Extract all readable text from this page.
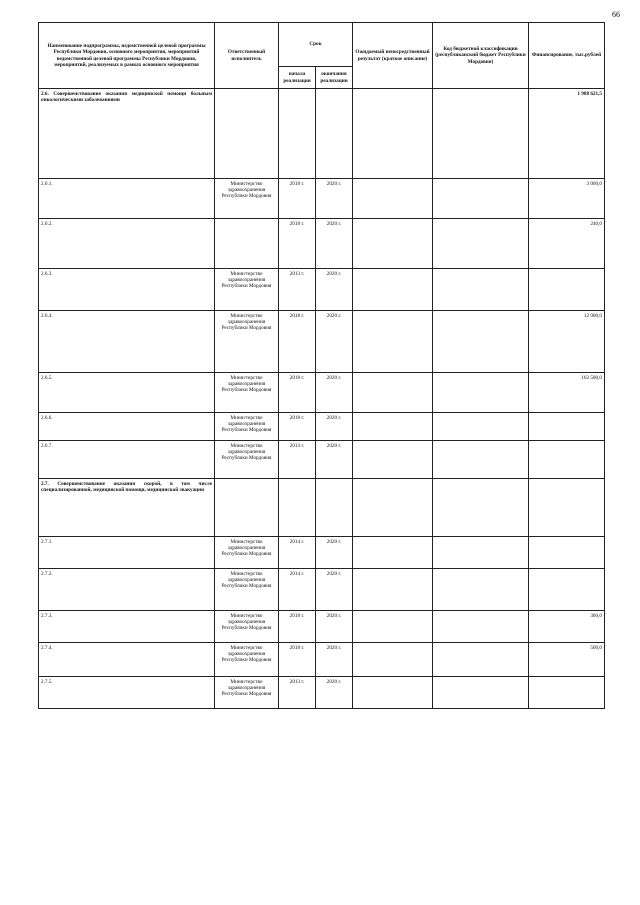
66
Наименование подпрограммы, ведомственной целевой программы Республики Мордовия, основного мероприятия, мероприятий ведомственной целевой программы Республики Мордовия, мероприятий, реализуемых в рамках основного мероприятия	Ответственный исполнитель	Срок		Ожидаемый непосредственный результат (краткое описание)	Код бюджетной классификации (республиканский бюджет Республики Мордовия)	Финансирование, тыс.рублей
		начала реализации	окончания реализации			
2.6. Совершенствование оказания медицинской помощи больным онкологическими заболеваниями						1 988 621,5
2.6.1.	Министерство здравоохранения Республики Мордовия	2018 г.	2020 г.			3 000,0
2.6.2.		2018 г.	2020 г.			240,0
2.6.3.	Министерство здравоохранения Республики Мордовия	2013 г.	2020 г.			
2.6.4.	Министерство здравоохранения Республики Мордовия	2018 г.	2020 г.			12 000,0
2.6.5.	Министерство здравоохранения Республики Мордовия	2018 г.	2020 г.			162 500,0
2.6.6.	Министерство здравоохранения Республики Мордовия	2018 г.	2020 г.			
2.6.7.	Министерство здравоохранения Республики Мордовия	2013 г.	2020 г.			
2.7. Совершенствование оказания скорой, в том числе специализированной, медицинской помощи, медицинской эвакуации						
2.7.1.	Министерство здравоохранения Республики Мордовия	2014 г.	2020 г.			
2.7.2.	Министерство здравоохранения Республики Мордовия	2014 г.	2020 г.			
2.7.3.	Министерство здравоохранения Республики Мордовия	2018 г.	2020 г.			300,0
2.7.4.	Министерство здравоохранения Республики Мордовия	2018 г.	2020 г.			500,0
2.7.5.	Министерство здравоохранения Республики Мордовия	2013 г.	2020 г.			
